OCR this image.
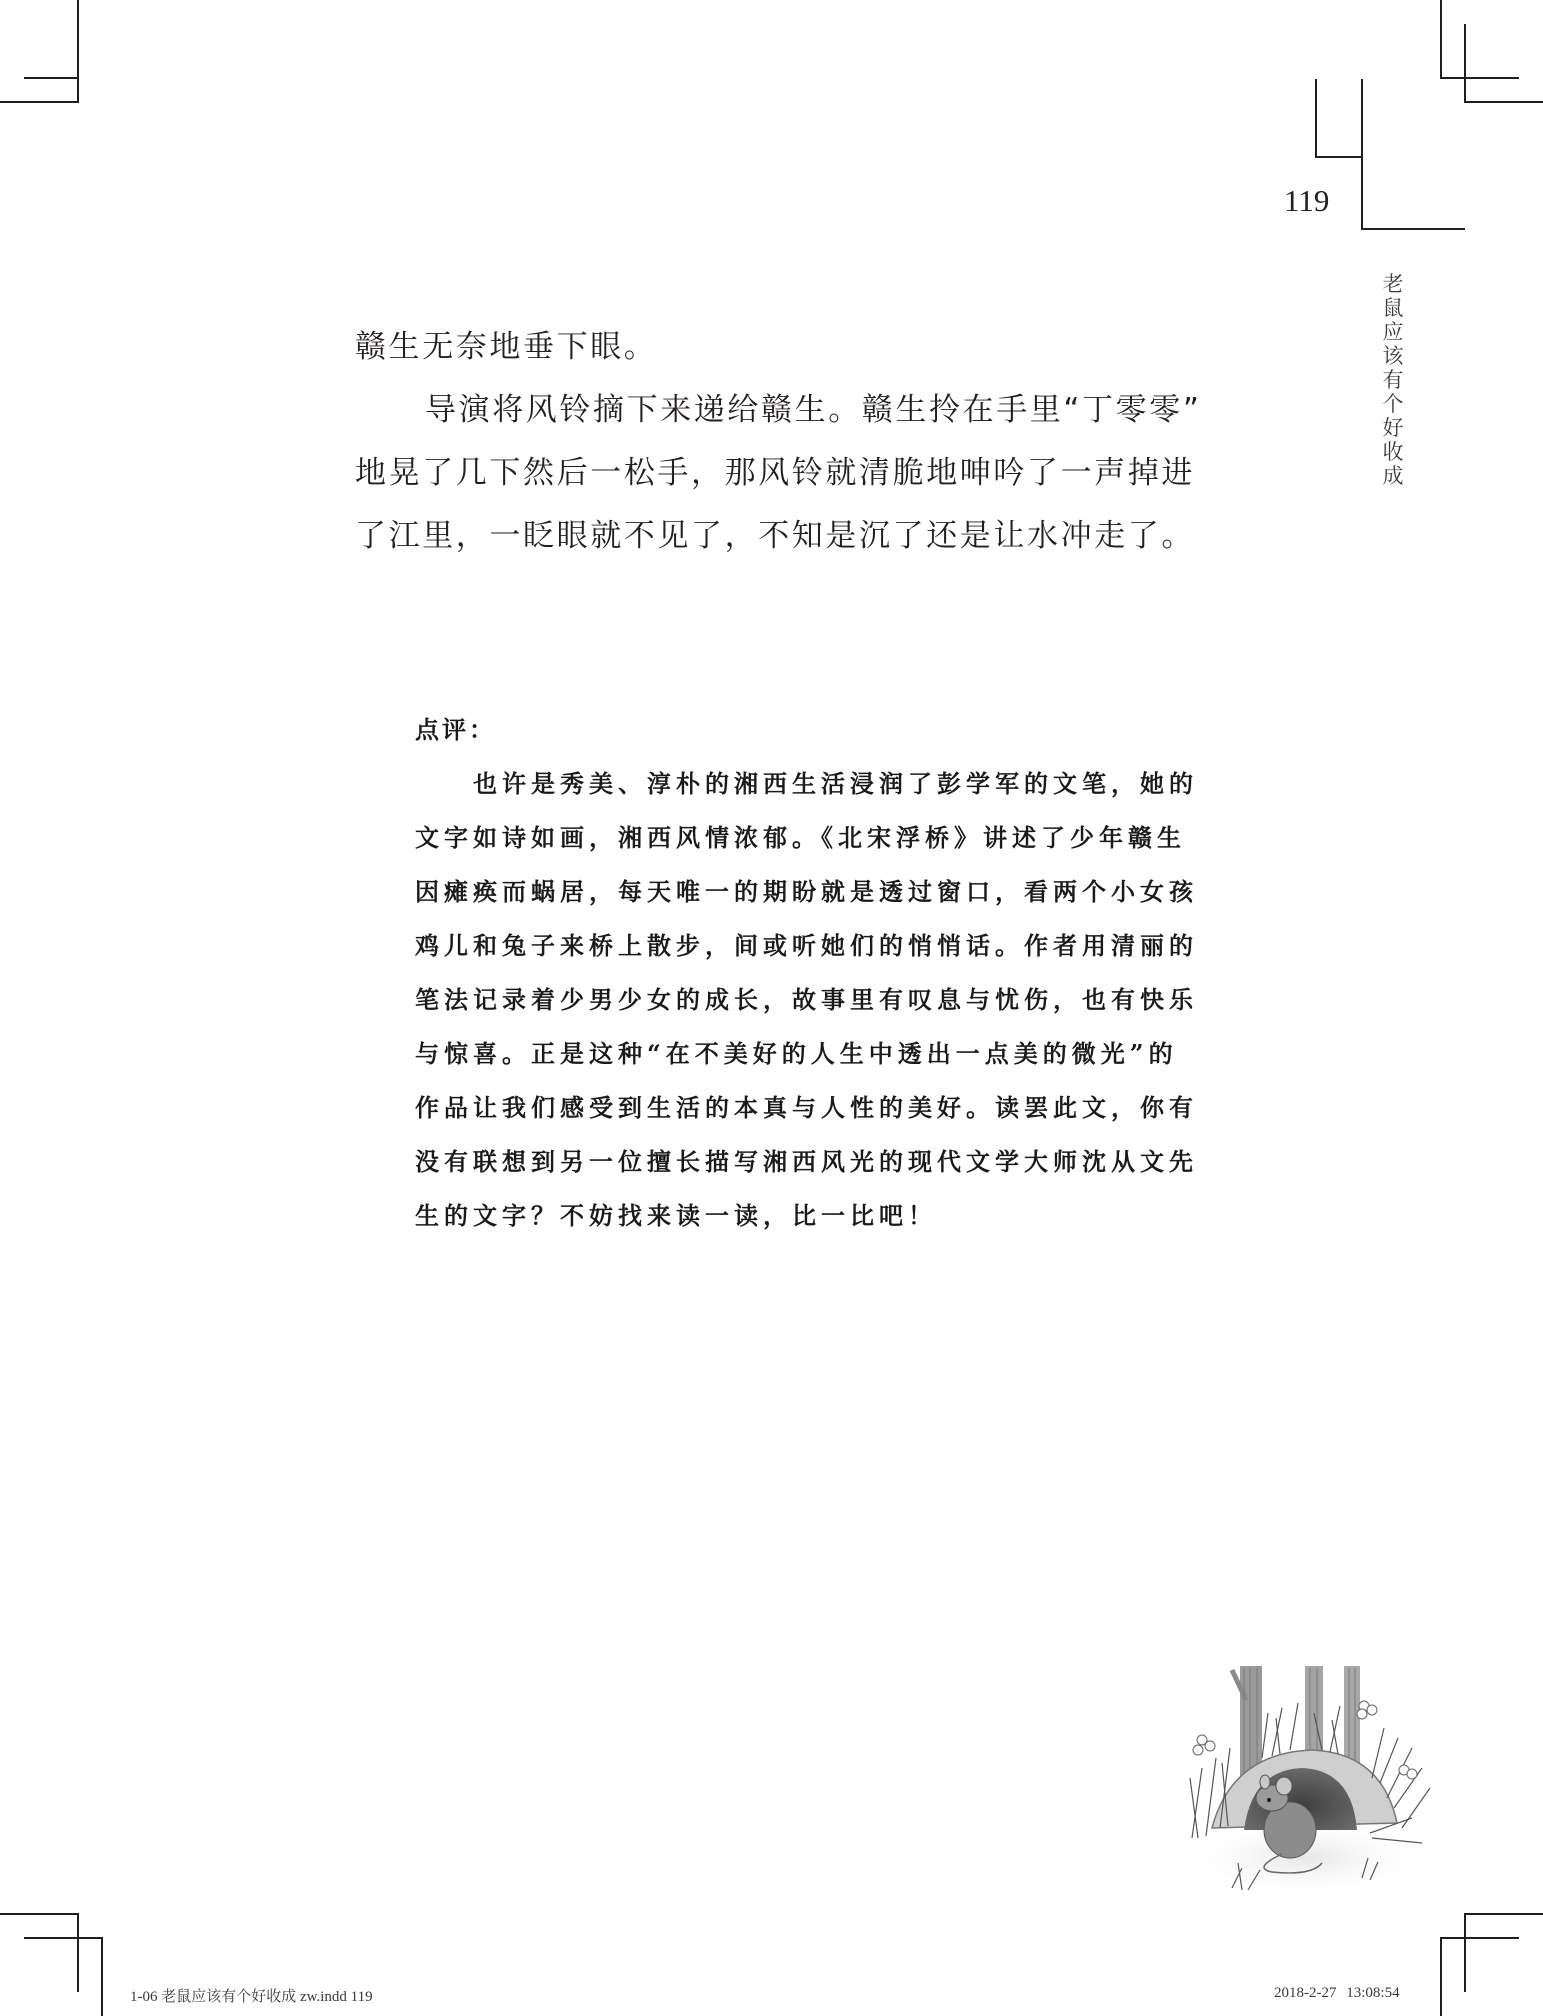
119
老
鼠
应
该
有
个
好
收
成
赣生无奈地垂下眼。
导演将风铃摘下来递给赣生。赣生拎在手里“丁零零”
地晃了几下然后一松手，那风铃就清脆地呻吟了一声掉进
了江里，一眨眼就不见了，不知是沉了还是让水冲走了。
点评：
也许是秀美、淳朴的湘西生活浸润了彭学军的文笔，她的
文字如诗如画，湘西风情浓郁。《北宋浮桥》讲述了少年赣生
因瘫痪而蜗居，每天唯一的期盼就是透过窗口，看两个小女孩
鸡儿和兔子来桥上散步，间或听她们的悄悄话。作者用清丽的
笔法记录着少男少女的成长，故事里有叹息与忧伤，也有快乐
与惊喜。正是这种“在不美好的人生中透出一点美的微光”的
作品让我们感受到生活的本真与人性的美好。读罢此文，你有
没有联想到另一位擅长描写湘西风光的现代文学大师沈从文先
生的文字？不妨找来读一读，比一比吧！
1-06 老鼠应该有个好收成 zw.indd 119	2018-2-27 13:08:54
